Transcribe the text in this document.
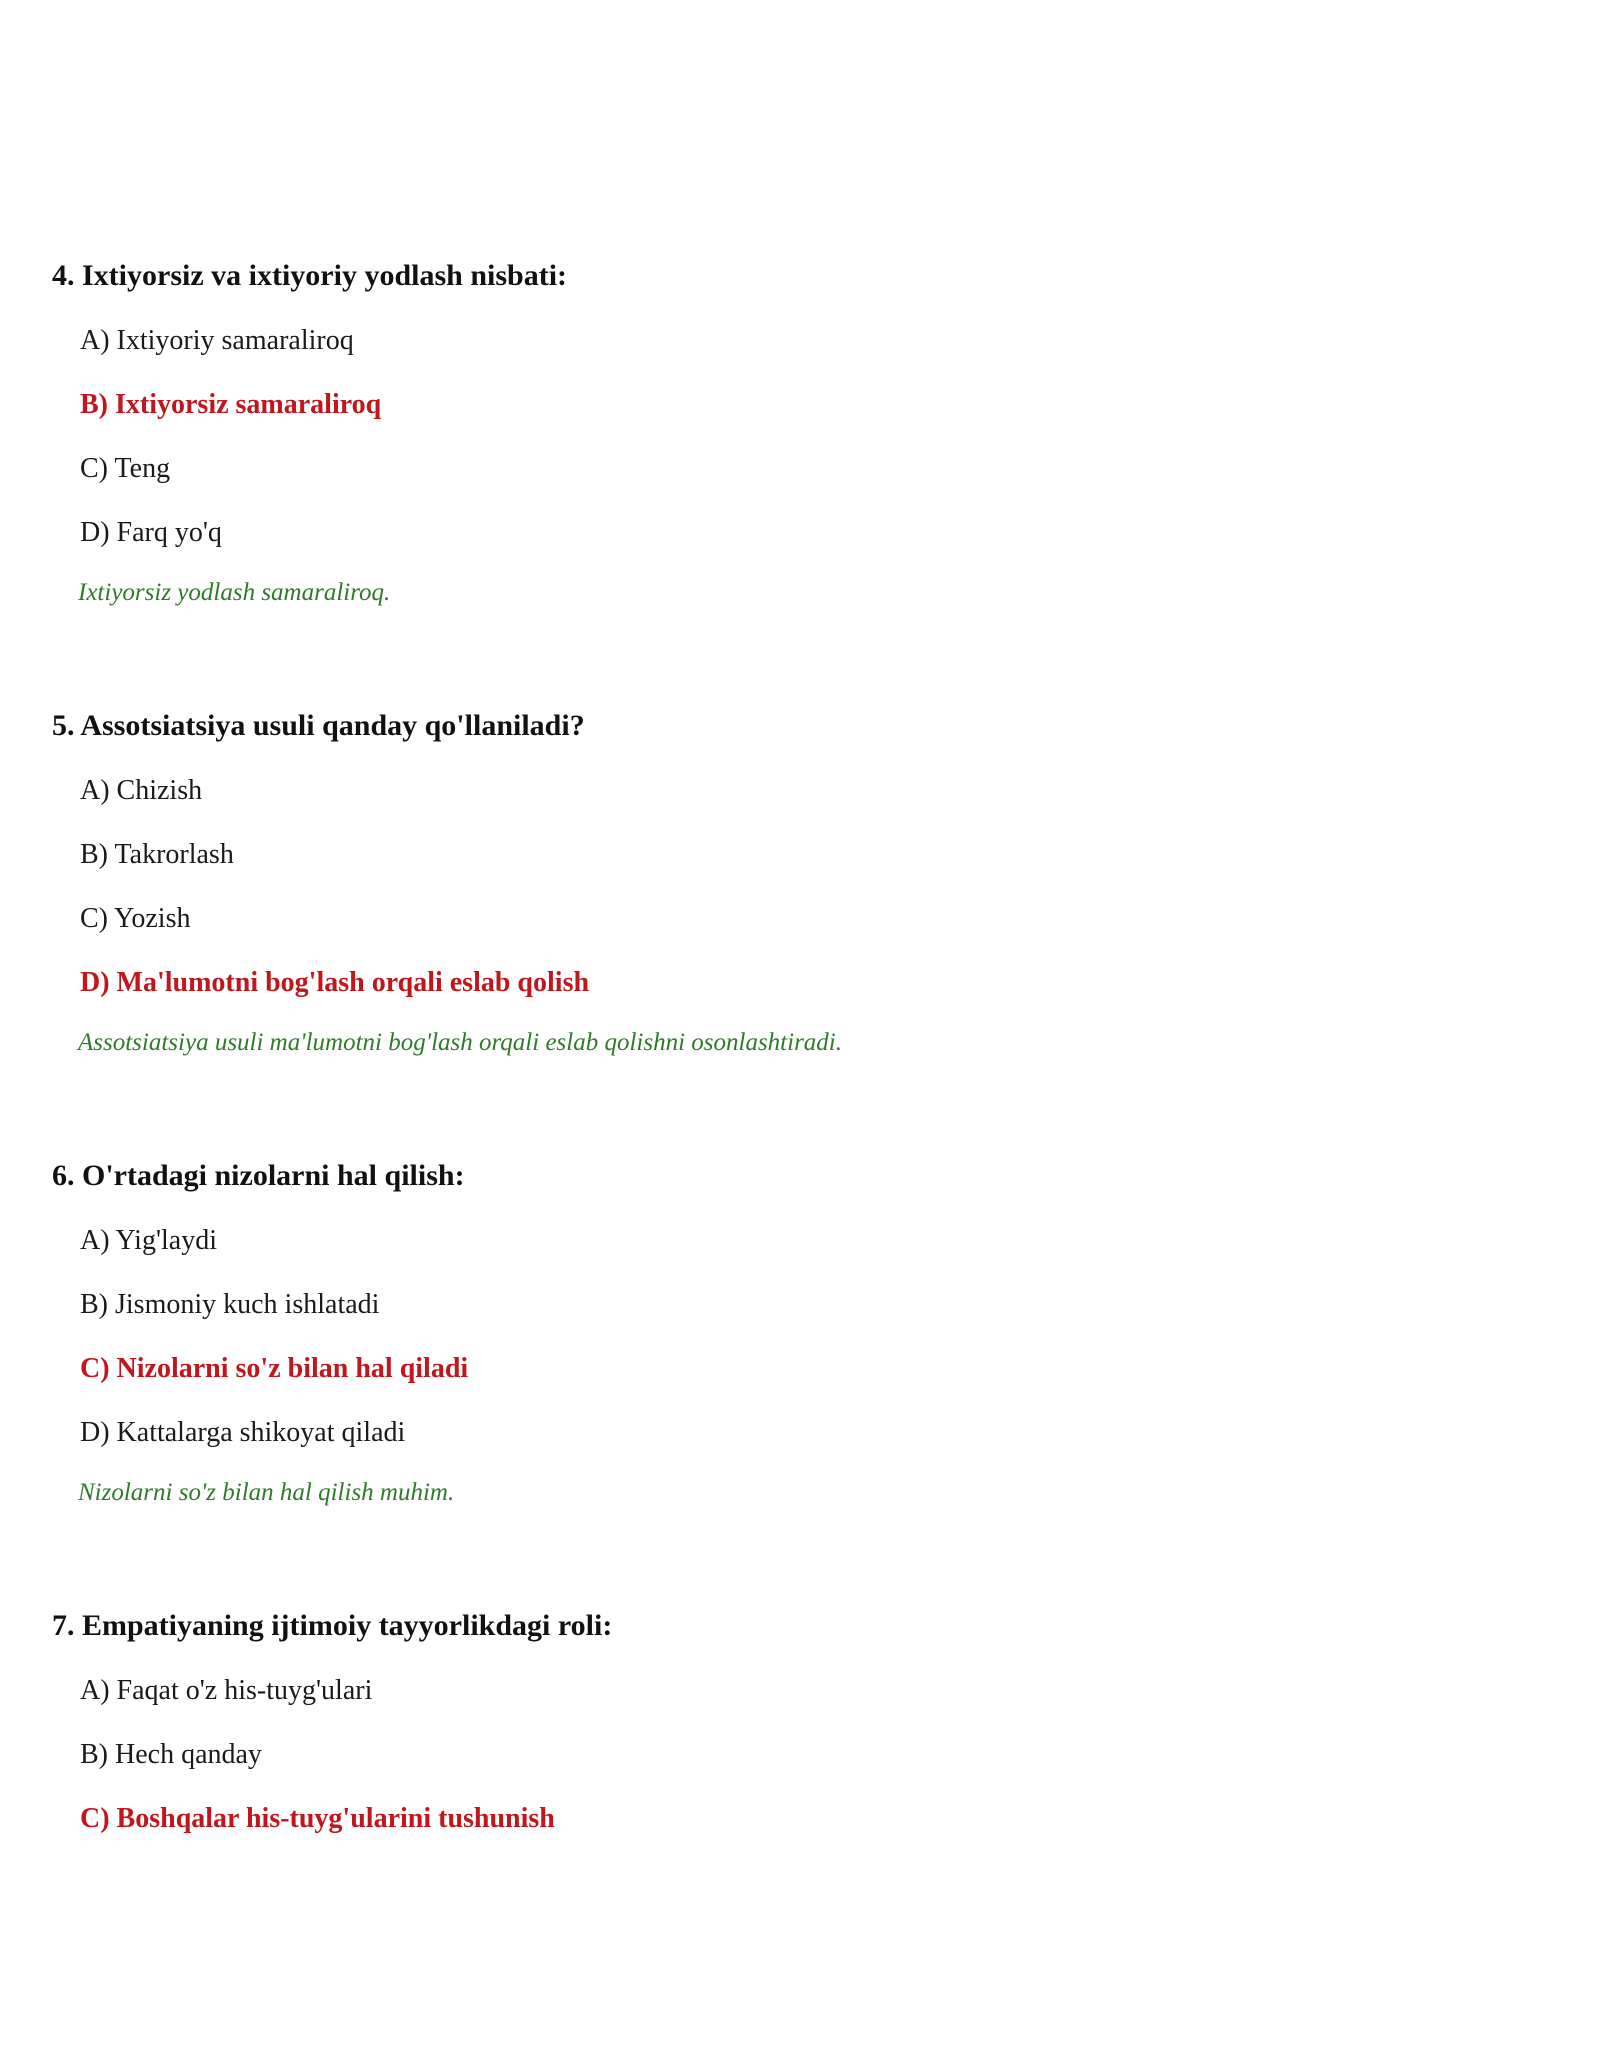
4. Ixtiyorsiz va ixtiyoriy yodlash nisbati:
A) Ixtiyoriy samaraliroq
B) Ixtiyorsiz samaraliroq
C) Teng
D) Farq yo'q

Ixtiyorsiz yodlash samaraliroq.

5. Assotsiatsiya usuli qanday qo'llaniladi?
A) Chizish
B) Takrorlash
C) Yozish
D) Ma'lumotni bog'lash orqali eslab qolish

Assotsiatsiya usuli ma'lumotni bog'lash orqali eslab qolishni osonlashtiradi.

6. O'rtadagi nizolarni hal qilish:
A) Yig'laydi
B) Jismoniy kuch ishlatadi
C) Nizolarni so'z bilan hal qiladi
D) Kattalarga shikoyat qiladi

Nizolarni so'z bilan hal qilish muhim.

7. Empatiyaning ijtimoiy tayyorlikdagi roli:
A) Faqat o'z his-tuyg'ulari
B) Hech qanday
C) Boshqalar his-tuyg'ularini tushunish
